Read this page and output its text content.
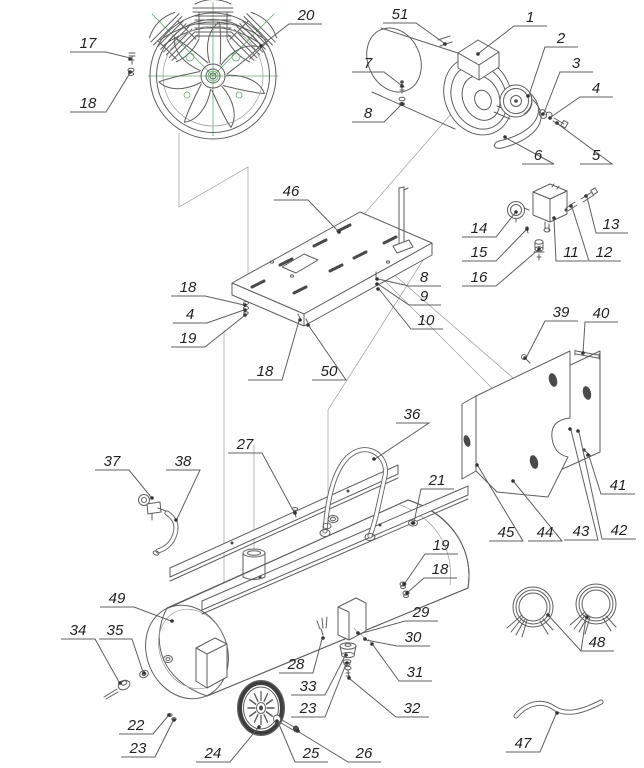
17
18
20	51	1
2
7	3
4
8
6	5
46
14
15
16
11 12
13
18
4
19
8
9
10
18	50
39 40
36
27
21
37	38
19
18
49
34 35
28
33
23
22
23	24	25 26
29
30
31
32
45 44 43 42
41
48
47
